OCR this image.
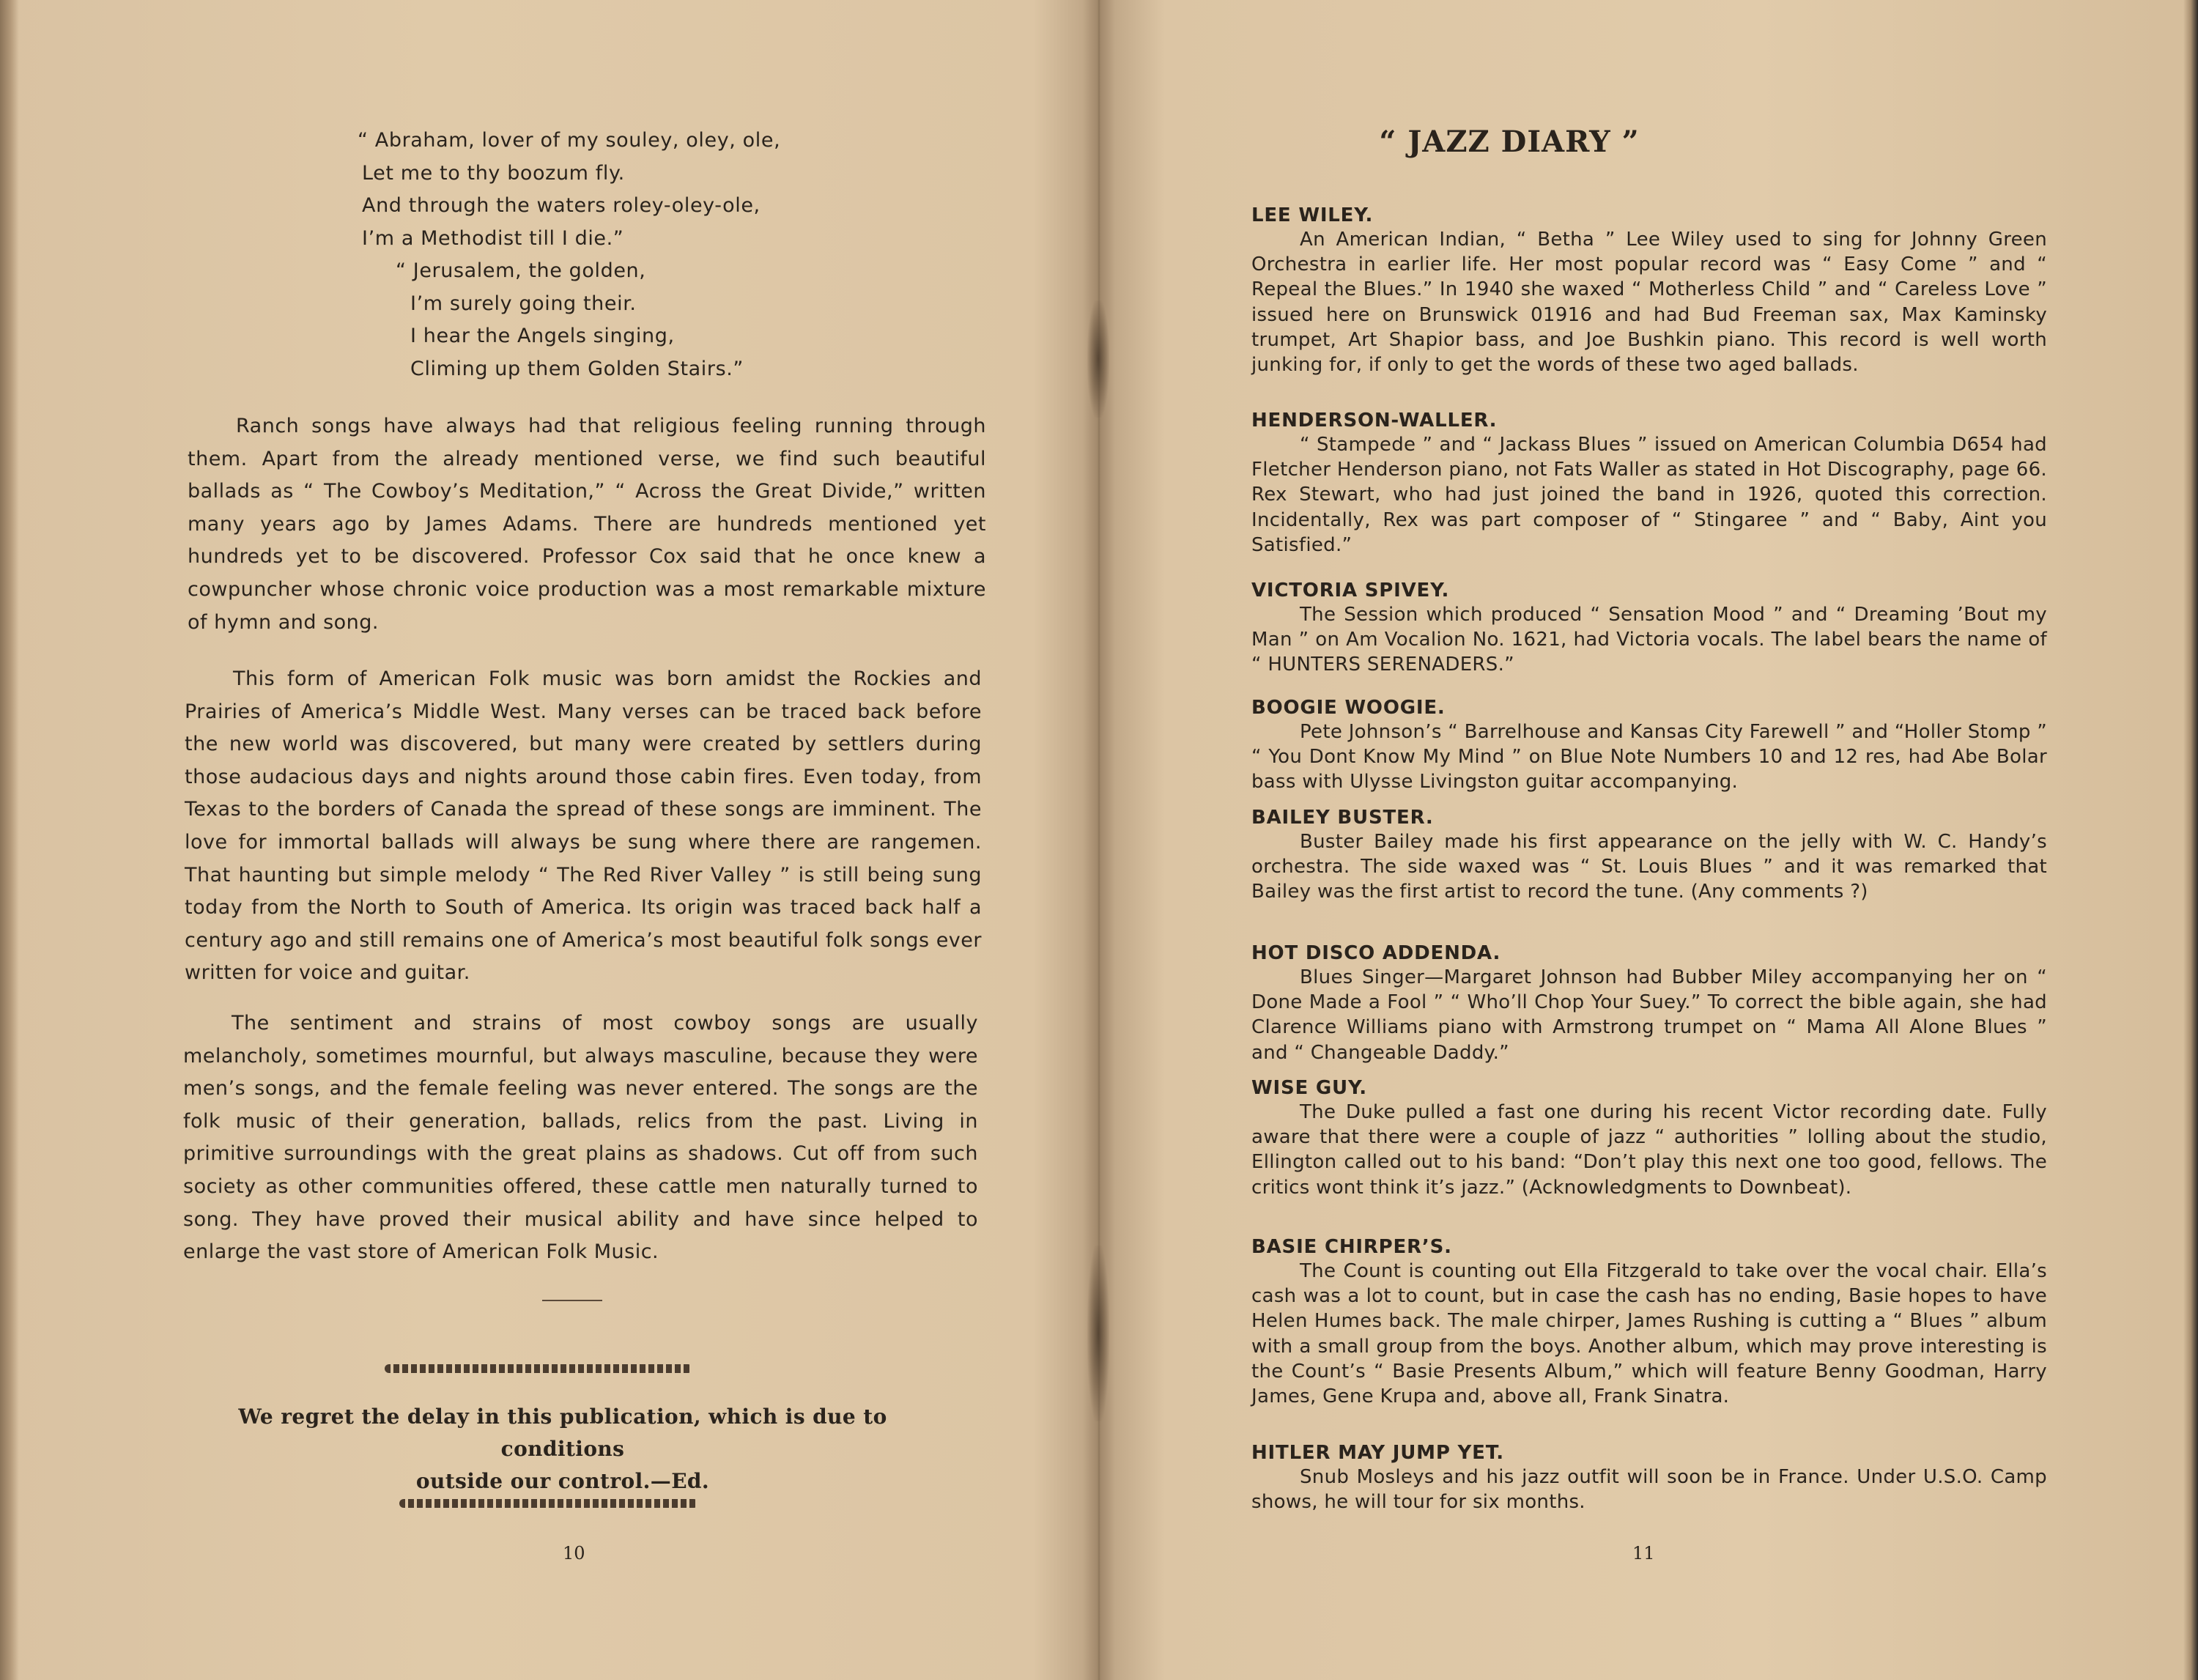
“ Abraham, lover of my souley, oley, ole,
Let me to thy boozum fly.
And through the waters roley-oley-ole,
I’m a Methodist till I die.”
“ Jerusalem, the golden,
I’m surely going their.
I hear the Angels singing,
Climing up them Golden Stairs.”
Ranch songs have always had that religious feeling running through them. Apart from the already mentioned verse, we find such beautiful ballads as “ The Cowboy’s Meditation,” “ Across the Great Divide,” written many years ago by James Adams. There are hundreds mentioned yet hundreds yet to be discovered. Professor Cox said that he once knew a cowpuncher whose chronic voice production was a most remarkable mixture of hymn and song.
This form of American Folk music was born amidst the Rockies and Prairies of America’s Middle West. Many verses can be traced back before the new world was discovered, but many were created by settlers during those audacious days and nights around those cabin fires. Even today, from Texas to the borders of Canada the spread of these songs are imminent. The love for immortal ballads will always be sung where there are rangemen. That haunting but simple melody “ The Red River Valley ” is still being sung today from the North to South of America. Its origin was traced back half a century ago and still remains one of America’s most beautiful folk songs ever written for voice and guitar.
The sentiment and strains of most cowboy songs are usually melancholy, sometimes mournful, but always masculine, because they were men’s songs, and the female feeling was never entered. The songs are the folk music of their generation, ballads, relics from the past. Living in primitive surroundings with the great plains as shadows. Cut off from such society as other communities offered, these cattle men naturally turned to song. They have proved their musical ability and have since helped to enlarge the vast store of American Folk Music.
We regret the delay in this publication, which is due to conditions
outside our control.—Ed.
10
“ JAZZ DIARY ”
LEE WILEY.
An American Indian, “ Betha ” Lee Wiley used to sing for Johnny Green Orchestra in earlier life. Her most popular record was “ Easy Come ” and “ Repeal the Blues.” In 1940 she waxed “ Motherless Child ” and “ Careless Love ” issued here on Brunswick 01916 and had Bud Freeman sax, Max Kaminsky trumpet, Art Shapior bass, and Joe Bushkin piano. This record is well worth junking for, if only to get the words of these two aged ballads.
HENDERSON-WALLER.
“ Stampede ” and “ Jackass Blues ” issued on American Columbia D654 had Fletcher Henderson piano, not Fats Waller as stated in Hot Discography, page 66. Rex Stewart, who had just joined the band in 1926, quoted this correction. Incidentally, Rex was part composer of “ Stingaree ” and “ Baby, Aint you Satisfied.”
VICTORIA SPIVEY.
The Session which produced “ Sensation Mood ” and “ Dreaming ’Bout my Man ” on Am Vocalion No. 1621, had Victoria vocals. The label bears the name of “ HUNTERS SERENADERS.”
BOOGIE WOOGIE.
Pete Johnson’s “ Barrelhouse and Kansas City Farewell ” and “Holler Stomp ” “ You Dont Know My Mind ” on Blue Note Numbers 10 and 12 res, had Abe Bolar bass with Ulysse Livingston guitar accompanying.
BAILEY BUSTER.
Buster Bailey made his first appearance on the jelly with W. C. Handy’s orchestra. The side waxed was “ St. Louis Blues ” and it was remarked that Bailey was the first artist to record the tune. (Any comments ?)
HOT DISCO ADDENDA.
Blues Singer—Margaret Johnson had Bubber Miley accompanying her on “ Done Made a Fool ” “ Who’ll Chop Your Suey.” To correct the bible again, she had Clarence Williams piano with Armstrong trumpet on “ Mama All Alone Blues ” and “ Changeable Daddy.”
WISE GUY.
The Duke pulled a fast one during his recent Victor recording date. Fully aware that there were a couple of jazz “ authorities ” lolling about the studio, Ellington called out to his band: “Don’t play this next one too good, fellows. The critics wont think it’s jazz.” (Acknowledgments to Downbeat).
BASIE CHIRPER’S.
The Count is counting out Ella Fitzgerald to take over the vocal chair. Ella’s cash was a lot to count, but in case the cash has no ending, Basie hopes to have Helen Humes back. The male chirper, James Rushing is cutting a “ Blues ” album with a small group from the boys. Another album, which may prove interesting is the Count’s “ Basie Presents Album,” which will feature Benny Goodman, Harry James, Gene Krupa and, above all, Frank Sinatra.
HITLER MAY JUMP YET.
Snub Mosleys and his jazz outfit will soon be in France. Under U.S.O. Camp shows, he will tour for six months.
11
